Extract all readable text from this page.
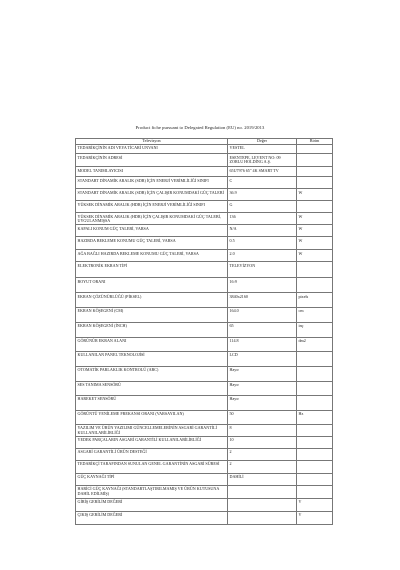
Product fiche pursuant to Delegated Regulation (EU) no. 2019/2013
Televizyon	Değer	Birim
TEDARİKÇİNİN ADI VEYA TİCARİ UNVANI	VESTEL	
TEDARİKÇİNİN ADRESİ	ESENTEPE, LEVENT NO: 09 ZORLU HOLDİNG A.Ş.	
MODEL TANIMLAYICISI	65U7976 65" 4K SMART TV	
STANDART DİNAMİK ARALIK (SDR) İÇİN ENERJİ VERİMLİLİĞİ SINIFI	C	
STANDART DİNAMİK ARALIK (SDR) İÇİN ÇALIŞIR KONUMDAKİ GÜÇ TALEBİ	36.9	W
YÜKSEK DİNAMİK ARALIK (HDR) İÇİN ENERJİ VERİMLİLİĞİ SINIFI	G	
YÜKSEK DİNAMİK ARALIK (HDR) İÇİN ÇALIŞIR KONUMDAKİ GÜÇ TALEBİ, UYGULANMIŞSA	136	W
KAPALI KONUM GÜÇ TALEBİ, VARSA	N/A	W
HAZIRDA BEKLEME KONUMU GÜÇ TALEBİ, VARSA	0.5	W
AĞA BAĞLI HAZIRDA BEKLEME KONUMU GÜÇ TALEBİ, VARSA	2.0	W
ELEKTRONİK EKRAN TİPİ	TELEVİZYON	
BOYUT ORANI	16:9	
EKRAN ÇÖZÜNÜRLÜĞÜ (PİKSEL)	3840x2160	pixels
EKRAN KÖŞEGENİ (CM)	164.0	cm
EKRAN KÖŞEGENİ (İNCH)	65	inç
GÖRÜNÜR EKRAN ALANI	114.8	dm2
KULLANILAN PANEL TEKNOLOJİSİ	LCD	
OTOMATİK PARLAKLIK KONTROLÜ (ABC)	Hayır	
SES TANIMA SENSÖRÜ	Hayır	
HAREKET SENSÖRÜ	Hayır	
GÖRÜNTÜ YENİLEME FREKANSI ORANI (VARSAYILAN)	50	Hz
YAZILIM VE ÜRÜN YAZILIMI GÜNCELLEMELERİNİN ASGARİ GARANTİLİ KULLANILABİLİRLİĞİ	8	
YEDEK PARÇALARIN ASGARİ GARANTİLİ KULLANILABİLİRLİĞİ	10	
ASGARİ GARANTİLİ ÜRÜN DESTEĞİ	2	
TEDARİKÇİ TARAFINDAN SUNULAN GENEL GARANTİNİN ASGARİ SÜRESİ	2	
GÜÇ KAYNAĞI TİPİ	DAHİLİ	
HARİCİ GÜÇ KAYNAĞI (STANDARTLAŞTIRILMAMIŞ VE ÜRÜN KUTUSUNA DAHİL EDİLMİŞ)		
GİRİŞ GERİLİM DEĞERİ		V
ÇIKIŞ GERİLİM DEĞERİ		V
